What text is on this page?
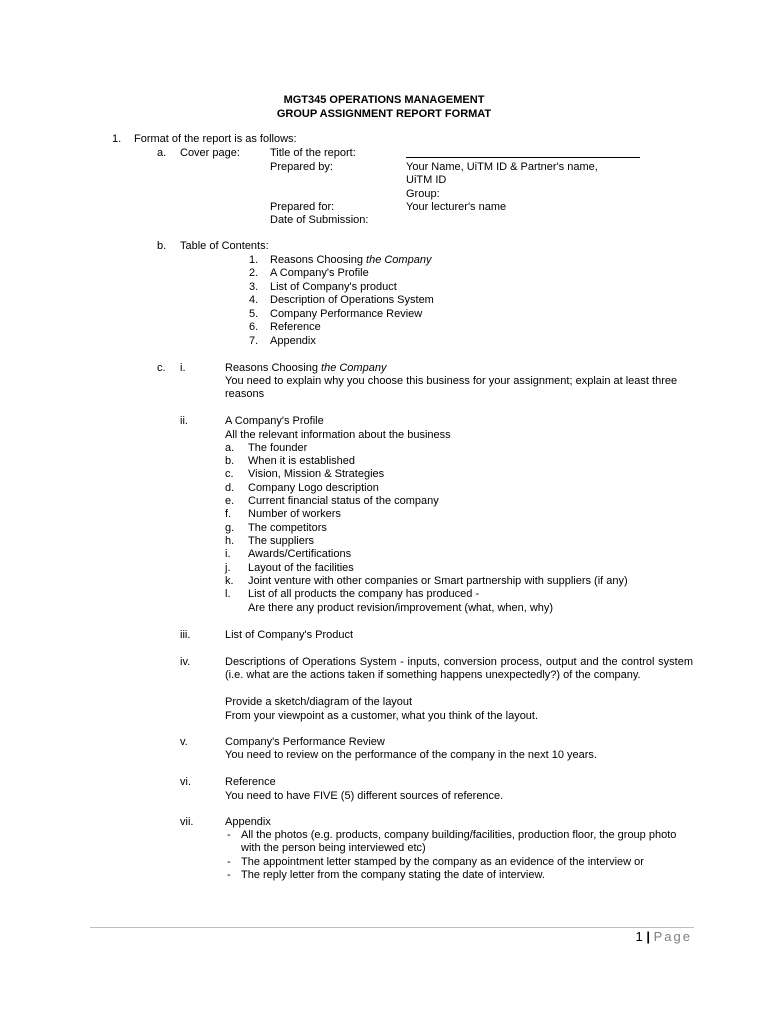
MGT345 OPERATIONS MANAGEMENT
GROUP ASSIGNMENT REPORT FORMAT
1. Format of the report is as follows:
a. Cover page:	Title of the report:
Prepared by:	Your Name, UiTM ID & Partner's name,
UiTM ID
Group:
Prepared for:	Your lecturer's name
Date of Submission:
b. Table of Contents:
1. Reasons Choosing the Company
2. A Company's Profile
3. List of Company's product
4. Description of Operations System
5. Company Performance Review
6. Reference
7. Appendix
c. i.	Reasons Choosing the Company
You need to explain why you choose this business for your assignment; explain at least three reasons
ii.	A Company's Profile
All the relevant information about the business
a. The founder
b. When it is established
c. Vision, Mission & Strategies
d. Company Logo description
e. Current financial status of the company
f. Number of workers
g. The competitors
h. The suppliers
i. Awards/Certifications
j. Layout of the facilities
k. Joint venture with other companies or Smart partnership with suppliers (if any)
l. List of all products the company has produced -
Are there any product revision/improvement (what, when, why)
iii.	List of Company's Product
iv.	Descriptions of Operations System - inputs, conversion process, output and the control system (i.e. what are the actions taken if something happens unexpectedly?) of the company.
Provide a sketch/diagram of the layout
From your viewpoint as a customer, what you think of the layout.
v.	Company's Performance Review
You need to review on the performance of the company in the next 10 years.
vi.	Reference
You need to have FIVE (5) different sources of reference.
vii.	Appendix
- All the photos (e.g. products, company building/facilities, production floor, the group photo with the person being interviewed etc)
- The appointment letter stamped by the company as an evidence of the interview or
- The reply letter from the company stating the date of interview.
1 | Page
